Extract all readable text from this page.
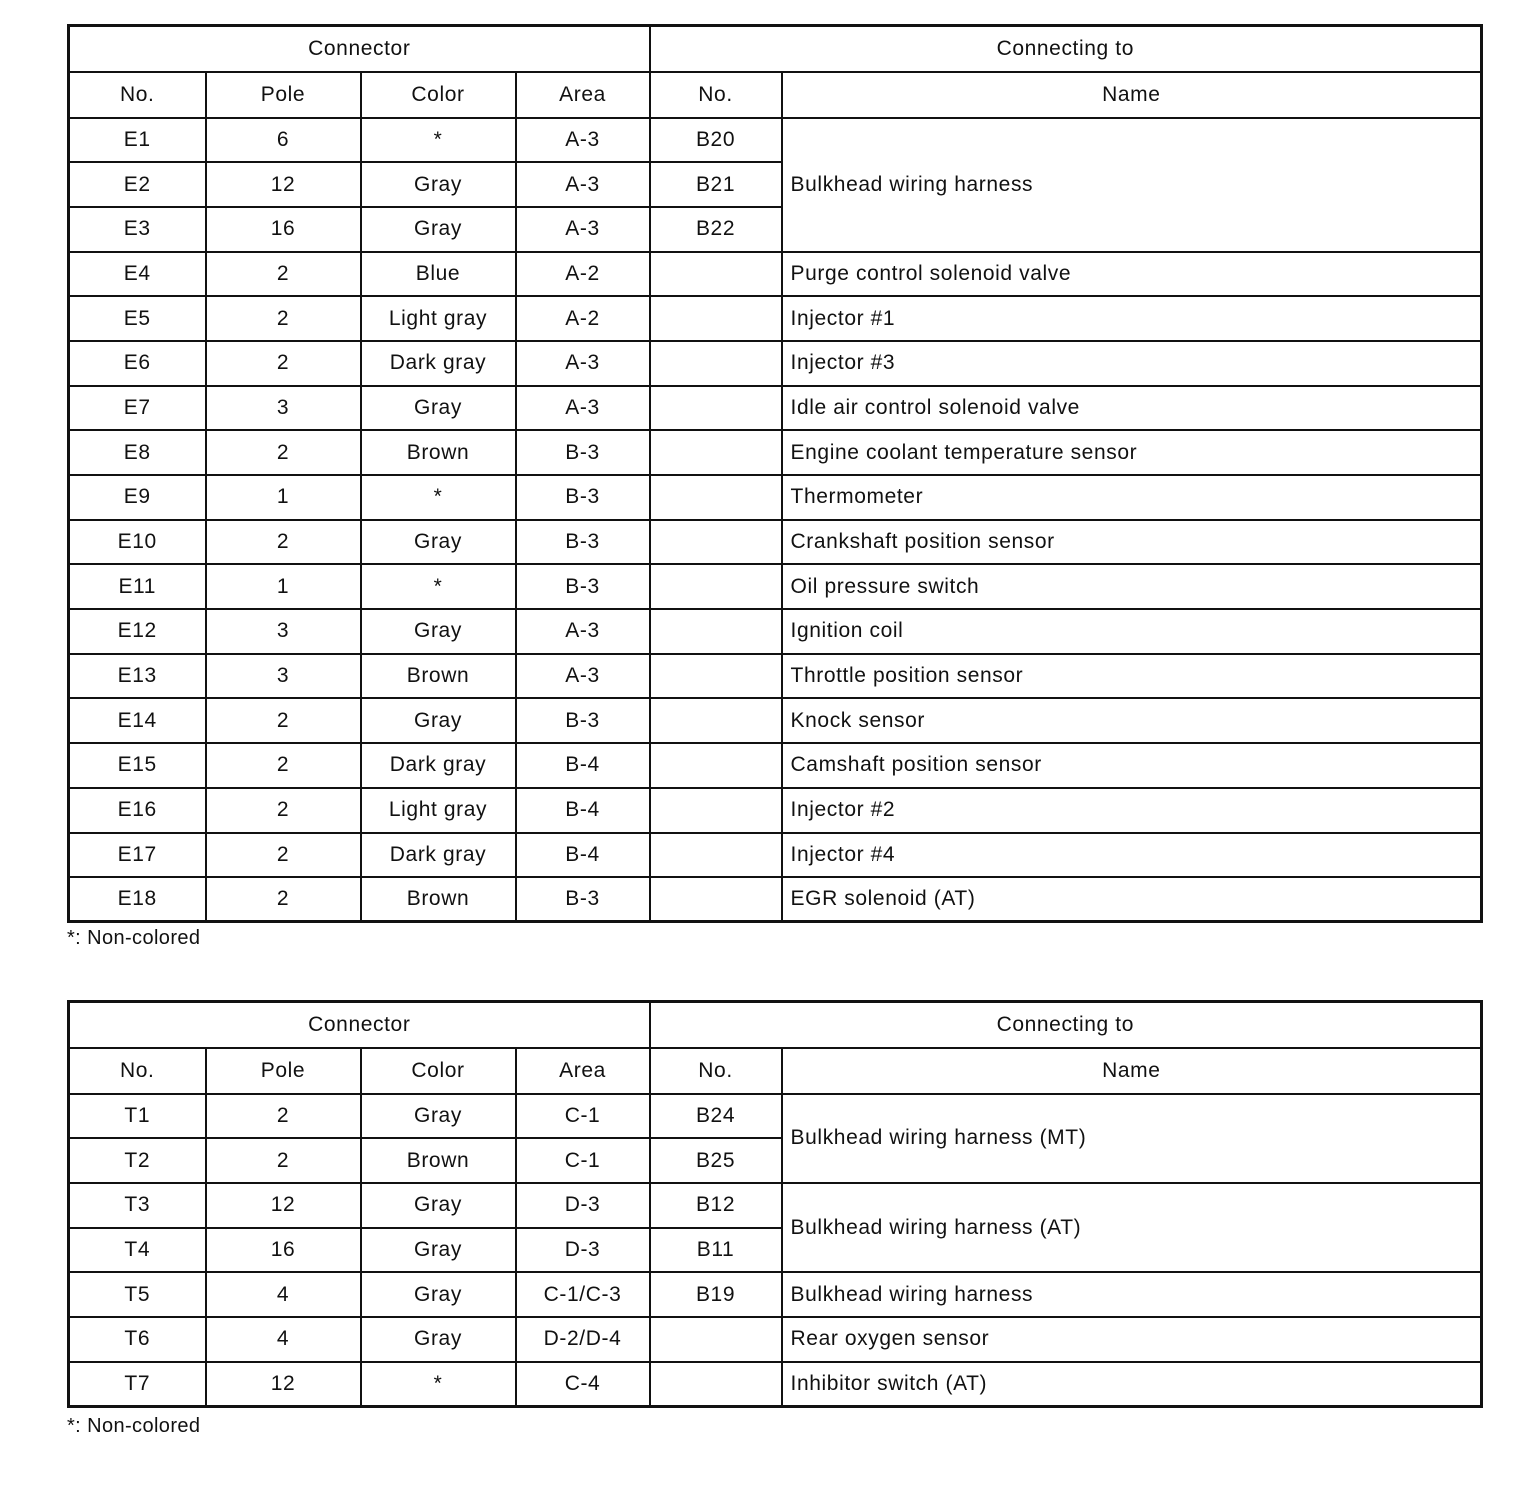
Connector				Connecting to	
No.	Pole	Color	Area	No.	Name
E1	6	*	A-3	B20	Bulkhead wiring harness
E2	12	Gray	A-3	B21	
E3	16	Gray	A-3	B22	
E4	2	Blue	A-2		Purge control solenoid valve
E5	2	Light gray	A-2		Injector #1
E6	2	Dark gray	A-3		Injector #3
E7	3	Gray	A-3		Idle air control solenoid valve
E8	2	Brown	B-3		Engine coolant temperature sensor
E9	1	*	B-3		Thermometer
E10	2	Gray	B-3		Crankshaft position sensor
E11	1	*	B-3		Oil pressure switch
E12	3	Gray	A-3		Ignition coil
E13	3	Brown	A-3		Throttle position sensor
E14	2	Gray	B-3		Knock sensor
E15	2	Dark gray	B-4		Camshaft position sensor
E16	2	Light gray	B-4		Injector #2
E17	2	Dark gray	B-4		Injector #4
E18	2	Brown	B-3		EGR solenoid (AT)
*: Non-colored
Connector				Connecting to	
No.	Pole	Color	Area	No.	Name
T1	2	Gray	C-1	B24	Bulkhead wiring harness (MT)
T2	2	Brown	C-1	B25	
T3	12	Gray	D-3	B12	Bulkhead wiring harness (AT)
T4	16	Gray	D-3	B11	
T5	4	Gray	C-1/C-3	B19	Bulkhead wiring harness
T6	4	Gray	D-2/D-4		Rear oxygen sensor
T7	12	*	C-4		Inhibitor switch (AT)
*: Non-colored
